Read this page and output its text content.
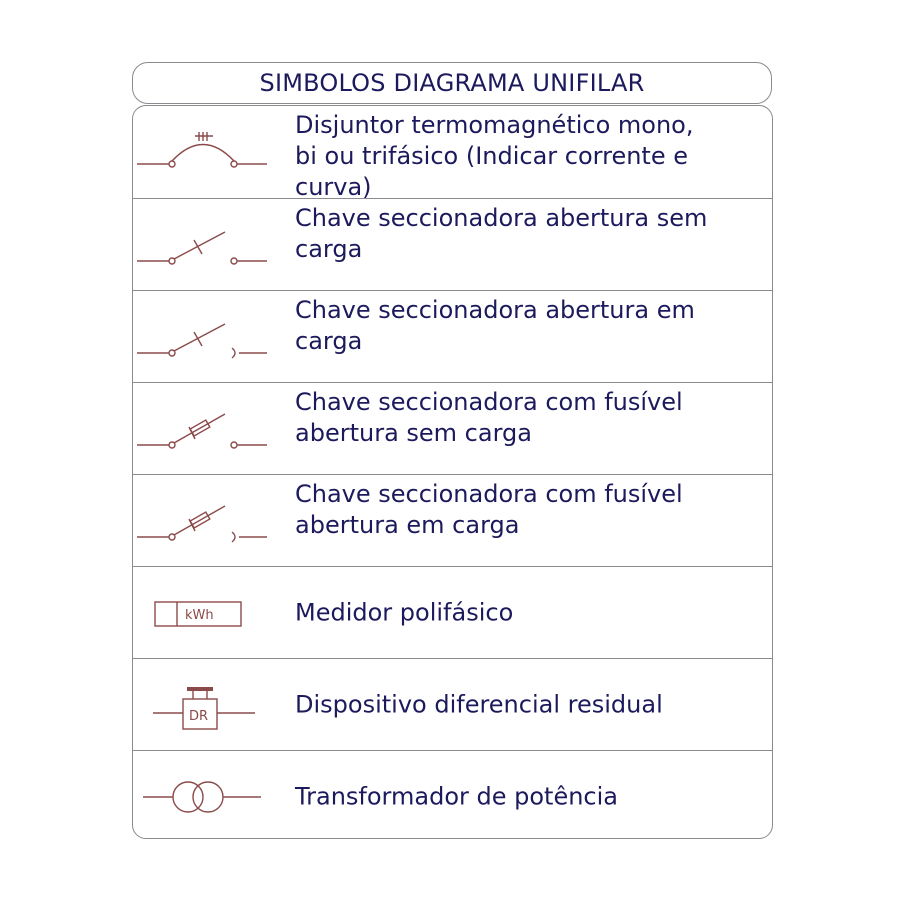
SIMBOLOS DIAGRAMA UNIFILAR
Disjuntor termomagnético mono,
bi ou trifásico (Indicar corrente e
curva)
Chave seccionadora abertura sem
carga
Chave seccionadora abertura em
carga
Chave seccionadora com fusível
abertura sem carga
Chave seccionadora com fusível
abertura em carga
kWh	Medidor polifásico
DR	Dispositivo diferencial residual
Transformador de potência
